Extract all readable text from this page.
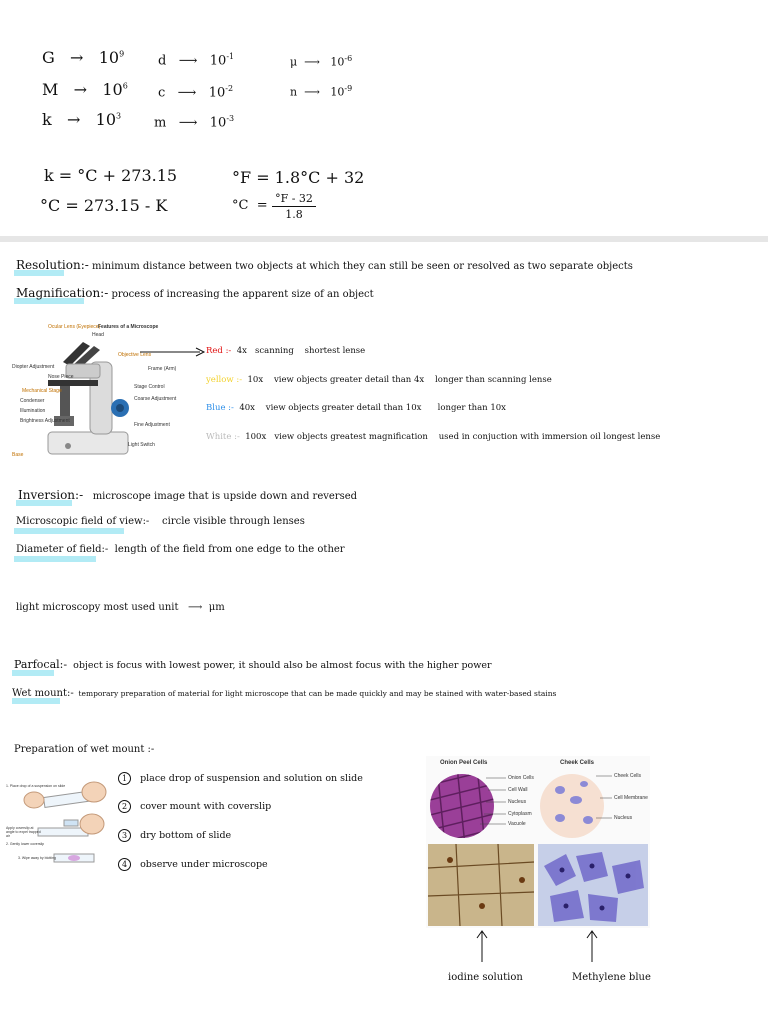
$G \to 10^9$
$M \to 10^6$
$k \to 10^3$
d   ⟶   $10^{-1}$
c   ⟶   $10^{-2}$
m   ⟶   $10^{-3}$
μ  ⟶   $10^{-6}$
n  ⟶   $10^{-9}$
k = °C + 273.15
°C = 273.15 - K
°F = 1.8°C + 32
°C  = °F - 32
1.8
Resolution:- minimum distance between two objects at which they can still be seen or resolved as two separate objects
Magnification:- process of increasing the apparent size of an object
Features of a Microscope
Ocular Lens (Eyepiece)
Head
Diopter Adjustment
Nose Piece
Mechanical Stage
Condenser
Illumination
Brightness Adjustment
Base
Objective Lens
Frame (Arm)
Stage Control
Coarse Adjustment
Fine Adjustment
Light Switch
Red :- 4x scanning shortest lense
yellow :- 10x view objects greater detail than 4x longer than scanning lense
Blue :- 40x view objects greater detail than 10x longer than 10x
White :- 100x view objects greatest magnification used in conjuction with immersion oil longest lense
Inversion:- microscope image that is upside down and reversed
Microscopic field of view:- circle visible through lenses
Diameter of field:- length of the field from one edge to the other
light microscopy most used unit ⟶ μm
Parfocal:- object is focus with lowest power, it should also be almost focus with the higher power
Wet mount:- temporary preparation of material for light microscope that can be made quickly and may be stained with water-based stains
Preparation of wet mount :-
1. Place drop of a suspension on slide
Apply coverslip at angle to expel trapped air
2. Gently lower coverslip
3. Wipe away by blotting
1 place drop of suspension and solution on slide
2 cover mount with coverslip
3 dry bottom of slide
4 observe under microscope
Onion Peel Cells	Cheek Cells
Onion Cells
Cell Wall
Nucleus
Cytoplasm
Vacuole
Cheek Cells
Cell Membrane
Nucleus
iodine solution	Methylene blue
